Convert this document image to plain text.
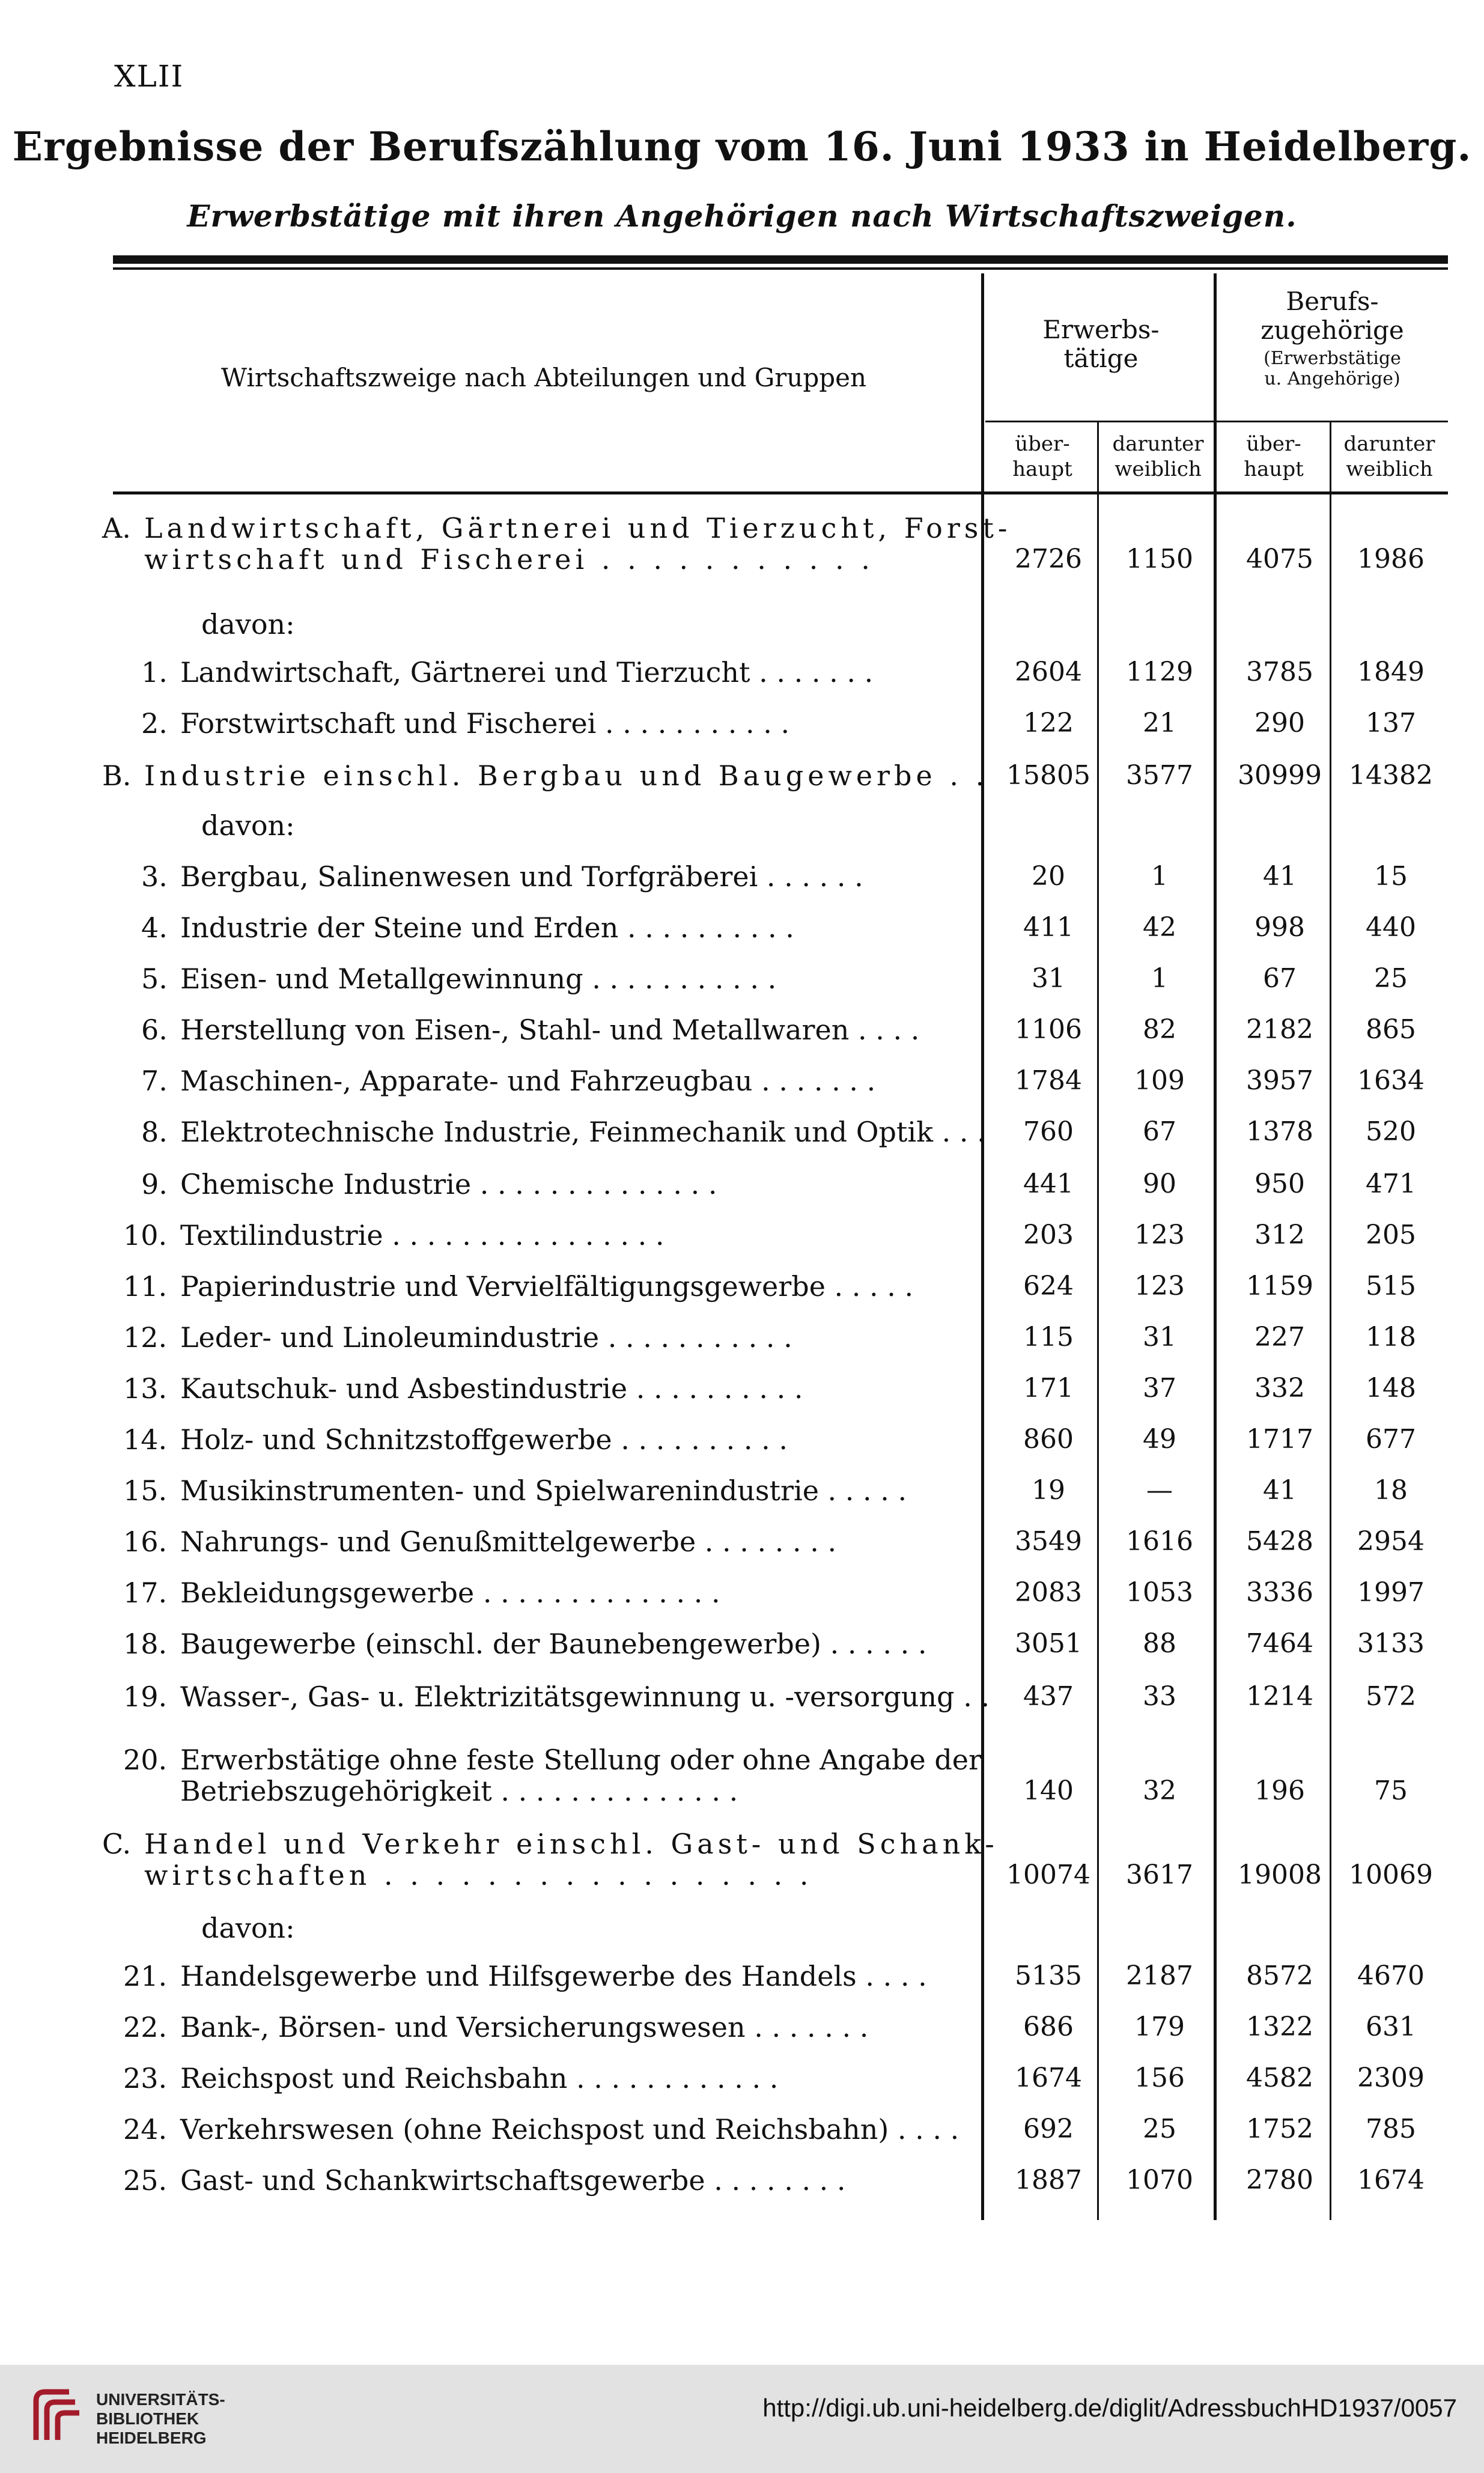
XLII
Ergebnisse der Berufszählung vom 16. Juni 1933 in Heidelberg.
Erwerbstätige mit ihren Angehörigen nach Wirtschaftszweigen.
Wirtschaftszweige nach Abteilungen und Gruppen
Erwerbs-
tätige
Berufs-
zugehörige
(Erwerbstätige
u. Angehörige)
über-
haupt
darunter
weiblich
über-
haupt
darunter
weiblich
A. Landwirtschaft, Gärtnerei und Tierzucht, Forst-
wirtschaft und Fischerei . . . . . . . . . . .	2726	1150	4075	1986
davon:
1. Landwirtschaft, Gärtnerei und Tierzucht . . . . . . .	2604	1129	3785	1849
2. Forstwirtschaft und Fischerei . . . . . . . . . . .	122	21	290	137
B. Industrie einschl. Bergbau und Baugewerbe . . 15805	3577	30999	14382
davon:
3. Bergbau, Salinenwesen und Torfgräberei . . . . . .	20	1	41	15
4. Industrie der Steine und Erden . . . . . . . . . .	411	42	998	440
5. Eisen- und Metallgewinnung . . . . . . . . . . .	31	1	67	25
6. Herstellung von Eisen-, Stahl- und Metallwaren . . . .	1106	82	2182	865
7. Maschinen-, Apparate- und Fahrzeugbau . . . . . . .	1784	109	3957	1634
8. Elektrotechnische Industrie, Feinmechanik und Optik . . .	760	67	1378	520
9. Chemische Industrie . . . . . . . . . . . . . .	441	90	950	471
10. Textilindustrie . . . . . . . . . . . . . . . .	203	123	312	205
11. Papierindustrie und Vervielfältigungsgewerbe . . . . .	624	123	1159	515
12. Leder- und Linoleumindustrie . . . . . . . . . . .	115	31	227	118
13. Kautschuk- und Asbestindustrie . . . . . . . . . .	171	37	332	148
14. Holz- und Schnitzstoffgewerbe . . . . . . . . . .	860	49	1717	677
15. Musikinstrumenten- und Spielwarenindustrie . . . . .	19	—	41	18
16. Nahrungs- und Genußmittelgewerbe . . . . . . . .	3549	1616	5428	2954
17. Bekleidungsgewerbe . . . . . . . . . . . . . .	2083	1053	3336	1997
18. Baugewerbe (einschl. der Baunebengewerbe) . . . . . .	3051	88	7464	3133
19. Wasser-, Gas- u. Elektrizitätsgewinnung u. -versorgung . .	437	33	1214	572
20. Erwerbstätige ohne feste Stellung oder ohne Angabe der
Betriebszugehörigkeit . . . . . . . . . . . . . .	140	32	196	75
C. Handel und Verkehr einschl. Gast- und Schank-
wirtschaften . . . . . . . . . . . . . . . . .	10074	3617	19008	10069
davon:
21. Handelsgewerbe und Hilfsgewerbe des Handels . . . .	5135	2187	8572	4670
22. Bank-, Börsen- und Versicherungswesen . . . . . . .	686	179	1322	631
23. Reichspost und Reichsbahn . . . . . . . . . . . .	1674	156	4582	2309
24. Verkehrswesen (ohne Reichspost und Reichsbahn) . . . .	692	25	1752	785
25. Gast- und Schankwirtschaftsgewerbe . . . . . . . .	1887	1070	2780	1674
UNIVERSITÄTS-
BIBLIOTHEK
HEIDELBERG
http://digi.ub.uni-heidelberg.de/diglit/AdressbuchHD1937/0057
